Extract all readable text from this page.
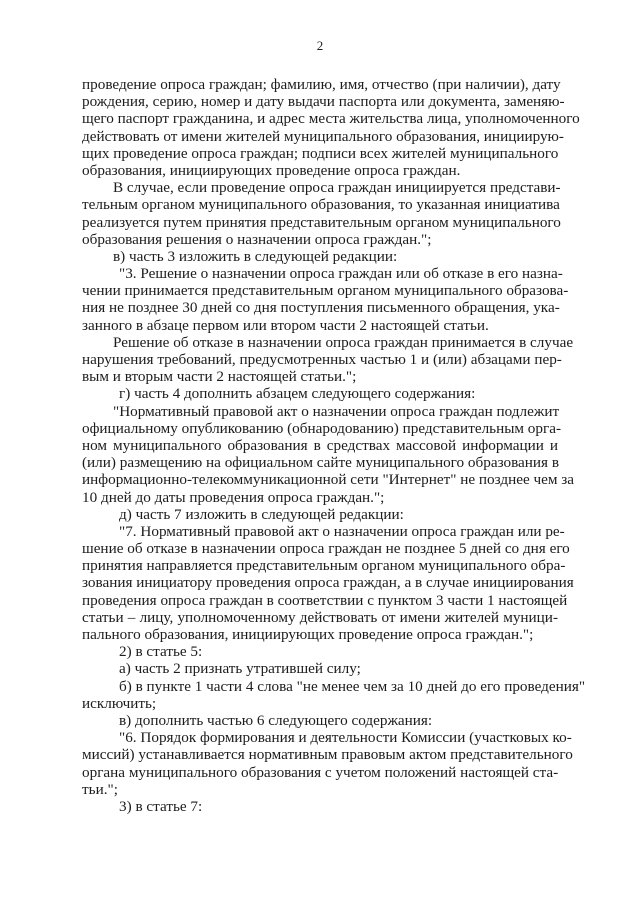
2
проведение опроса граждан; фамилию, имя, отчество (при наличии), дату
рождения, серию, номер и дату выдачи паспорта или документа, заменяю-
щего паспорт гражданина, и адрес места жительства лица, уполномоченного
действовать от имени жителей муниципального образования, инициирую-
щих проведение опроса граждан; подписи всех жителей муниципального
образования, инициирующих проведение опроса граждан.
В случае, если проведение опроса граждан инициируется представи-
тельным органом муниципального образования, то указанная инициатива
реализуется путем принятия представительным органом муниципального
образования решения о назначении опроса граждан.";
в) часть 3 изложить в следующей редакции:
"3. Решение о назначении опроса граждан или об отказе в его назна-
чении принимается представительным органом муниципального образова-
ния не позднее 30 дней со дня поступления письменного обращения, ука-
занного в абзаце первом или втором части 2 настоящей статьи.
Решение об отказе в назначении опроса граждан принимается в случае
нарушения требований, предусмотренных частью 1 и (или) абзацами пер-
вым и вторым части 2 настоящей статьи.";
г) часть 4 дополнить абзацем следующего содержания:
"Нормативный правовой акт о назначении опроса граждан подлежит
официальному опубликованию (обнародованию) представительным орга-
ном муниципального образования в средствах массовой информации и
(или) размещению на официальном сайте муниципального образования в
информационно-телекоммуникационной сети "Интернет" не позднее чем за
10 дней до даты проведения опроса граждан.";
д) часть 7 изложить в следующей редакции:
"7. Нормативный правовой акт о назначении опроса граждан или ре-
шение об отказе в назначении опроса граждан не позднее 5 дней со дня его
принятия направляется представительным органом муниципального обра-
зования инициатору проведения опроса граждан, а в случае инициирования
проведения опроса граждан в соответствии с пунктом 3 части 1 настоящей
статьи – лицу, уполномоченному действовать от имени жителей муници-
пального образования, инициирующих проведение опроса граждан.";
2) в статье 5:
а) часть 2 признать утратившей силу;
б) в пункте 1 части 4 слова "не менее чем за 10 дней до его проведения"
исключить;
в) дополнить частью 6 следующего содержания:
"6. Порядок формирования и деятельности Комиссии (участковых ко-
миссий) устанавливается нормативным правовым актом представительного
органа муниципального образования с учетом положений настоящей ста-
тьи.";
3) в статье 7:
